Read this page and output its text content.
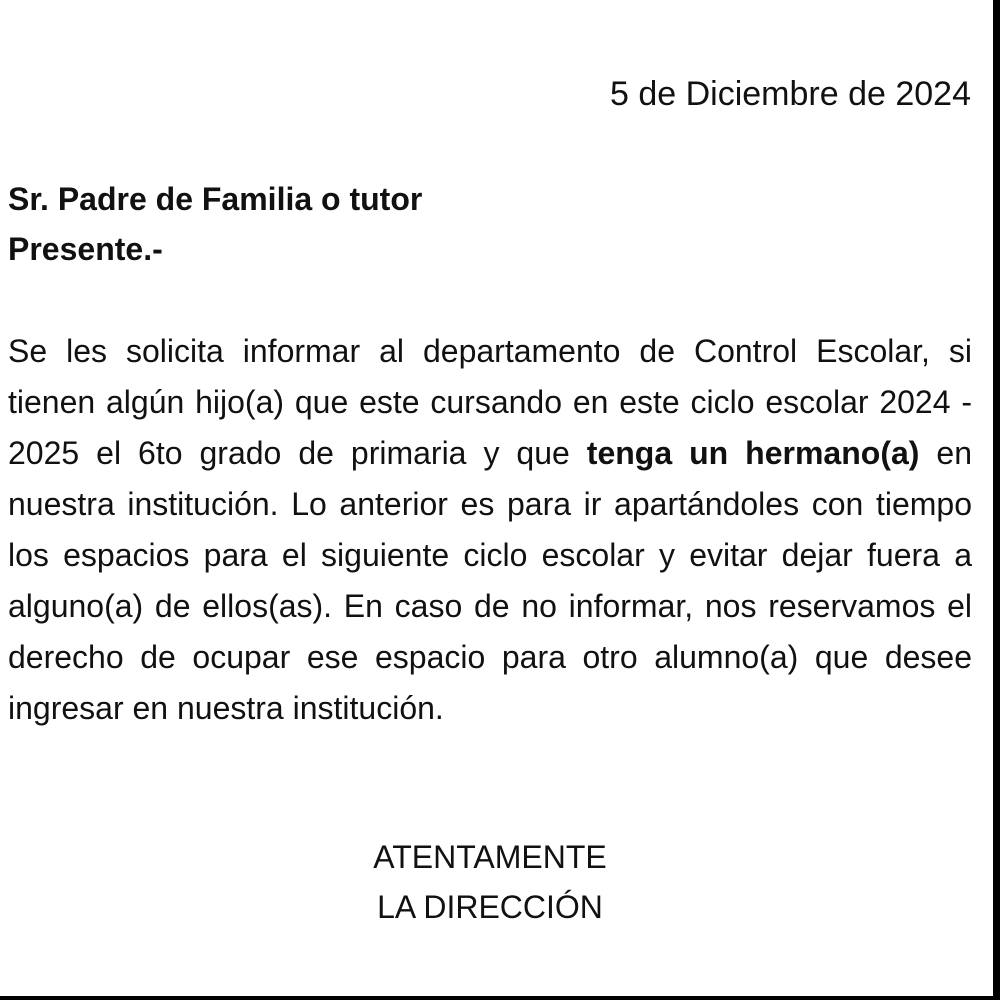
5 de Diciembre de 2024
Sr. Padre de Familia o tutor
Presente.-
Se les solicita informar al departamento de Control Escolar, si tienen algún hijo(a) que este cursando en este ciclo escolar 2024 - 2025 el 6to grado de primaria y que tenga un hermano(a) en nuestra institución. Lo anterior es para ir apartándoles con tiempo los espacios para el siguiente ciclo escolar y evitar dejar fuera a alguno(a) de ellos(as). En caso de no informar, nos reservamos el derecho de ocupar ese espacio para otro alumno(a) que desee ingresar en nuestra institución.
ATENTAMENTE
LA DIRECCIÓN
